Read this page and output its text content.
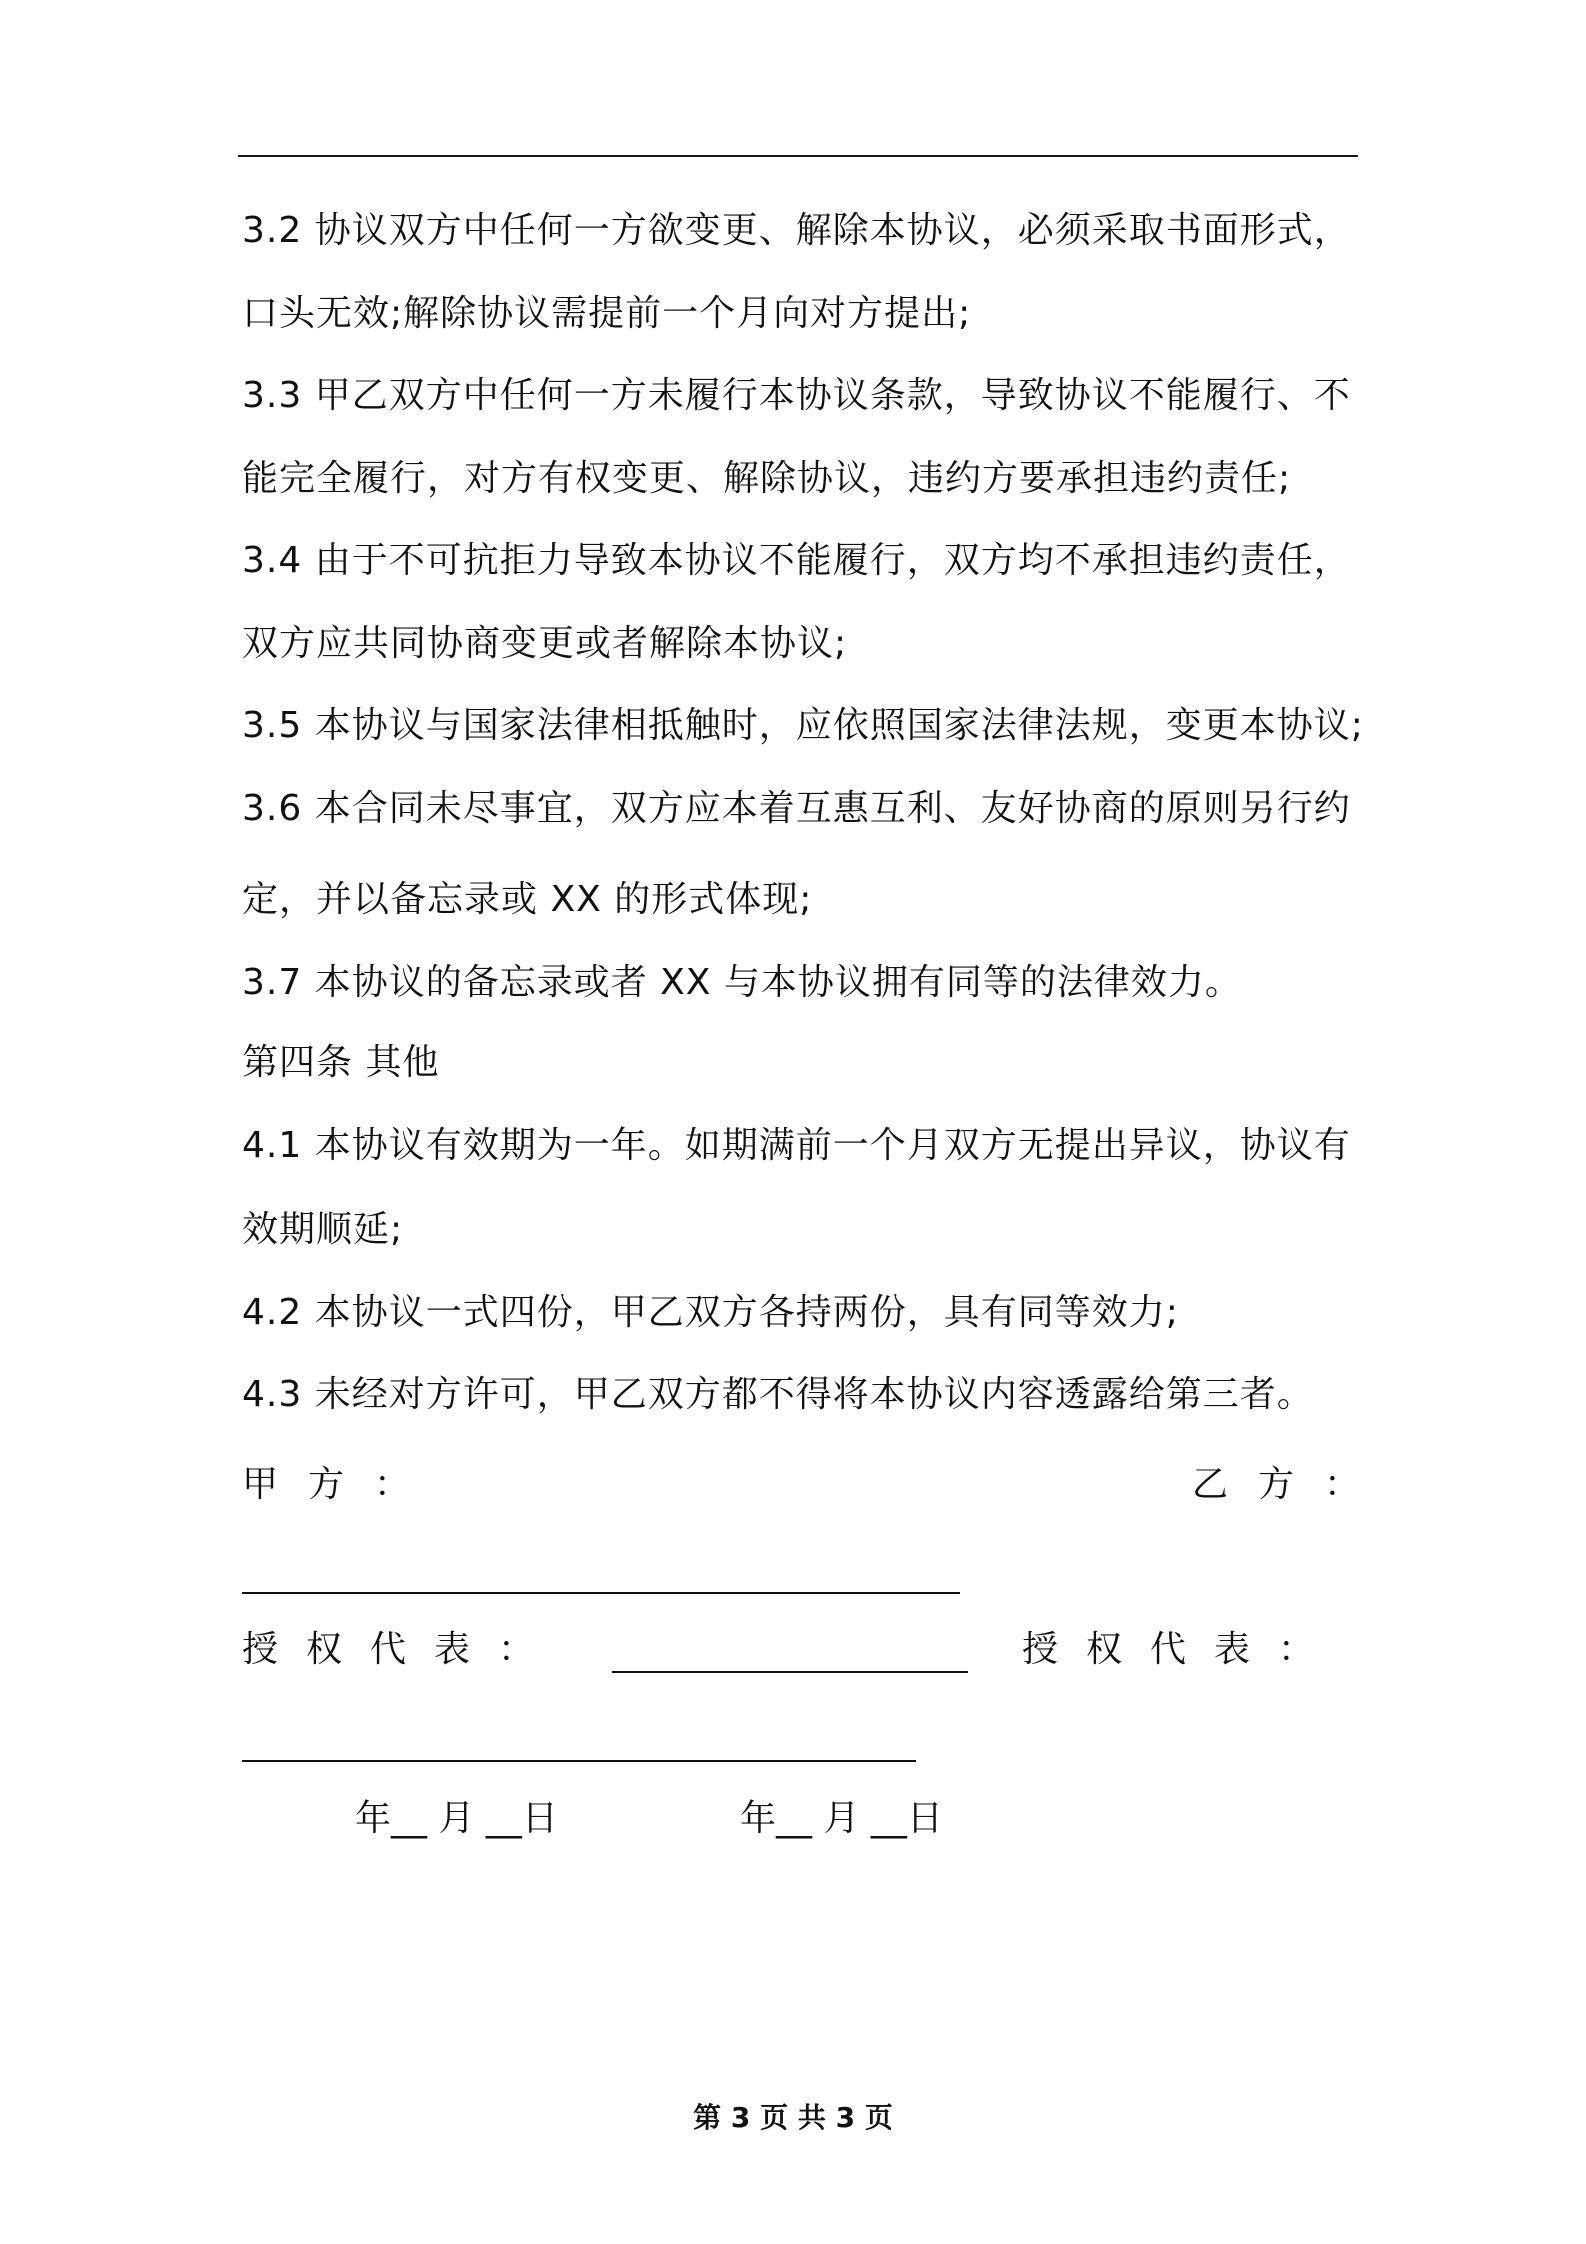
3.2 协议双方中任何一方欲变更、解除本协议，必须采取书面形式，
口头无效;解除协议需提前一个月向对方提出;
3.3 甲乙双方中任何一方未履行本协议条款，导致协议不能履行、不
能完全履行，对方有权变更、解除协议，违约方要承担违约责任;
3.4 由于不可抗拒力导致本协议不能履行，双方均不承担违约责任，
双方应共同协商变更或者解除本协议;
3.5 本协议与国家法律相抵触时，应依照国家法律法规，变更本协议;
3.6 本合同未尽事宜，双方应本着互惠互利、友好协商的原则另行约
定，并以备忘录或 XX 的形式体现;
3.7 本协议的备忘录或者 XX 与本协议拥有同等的法律效力。
第四条 其他
4.1 本协议有效期为一年。如期满前一个月双方无提出异议，协议有
效期顺延;
4.2 本协议一式四份，甲乙双方各持两份，具有同等效力;
4.3 未经对方许可，甲乙双方都不得将本协议内容透露给第三者。
甲方：	乙方：
授权代表：	授权代表：
年__ 月 __日	年__ 月 __日
第 3 页 共 3 页
